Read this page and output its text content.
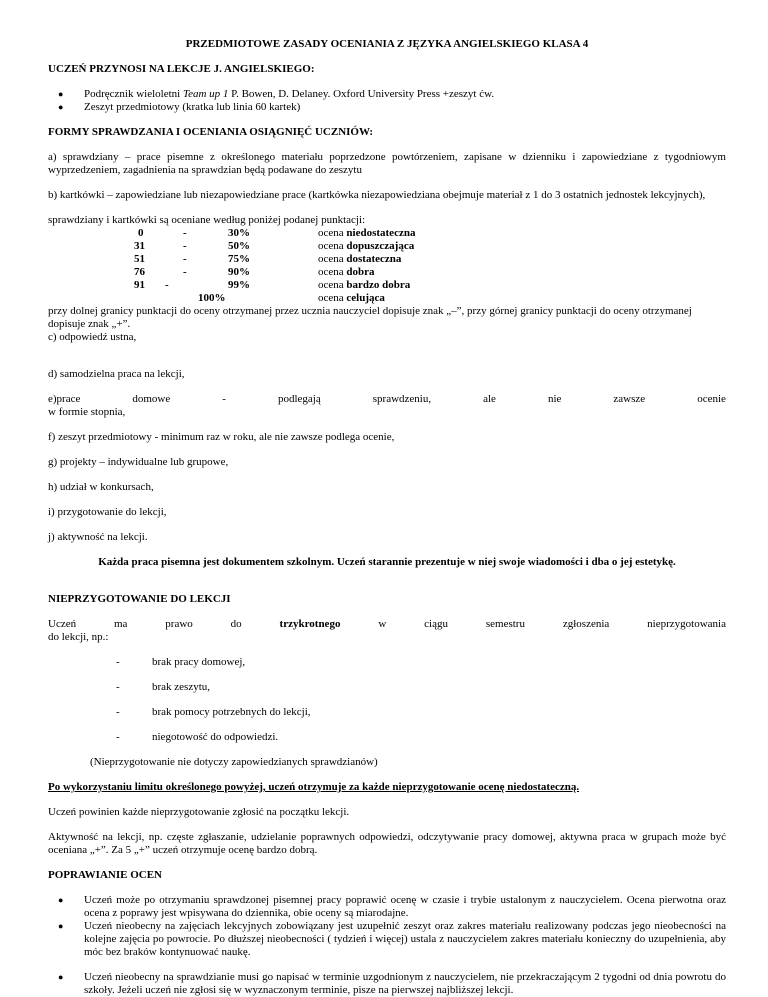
PRZEDMIOTOWE ZASADY OCENIANIA Z JĘZYKA ANGIELSKIEGO KLASA 4

UCZEŃ PRZYNOSI NA LEKCJE J. ANGIELSKIEGO:

● Podręcznik wieloletni Team up 1 P. Bowen, D. Delaney. Oxford University Press +zeszyt ćw.
● Zeszyt przedmiotowy (kratka lub linia 60 kartek)

FORMY SPRAWDZANIA I OCENIANIA OSIĄGNIĘĆ UCZNIÓW:

a) sprawdziany – prace pisemne z określonego materiału poprzedzone powtórzeniem, zapisane w dzienniku i zapowiedziane z tygodniowym wyprzedzeniem, zagadnienia na sprawdzian będą podawane do zeszytu

b) kartkówki – zapowiedziane lub niezapowiedziane prace (kartkówka niezapowiedziana obejmuje materiał z 1 do 3 ostatnich jednostek lekcyjnych),

sprawdziany i kartkówki są oceniane według poniżej podanej punktacji:

0	-	30%	ocena niedostateczna
31	-	50%	ocena dopuszczająca
51	-	75%	ocena dostateczna
76	-	90%	ocena dobra
91 -	99%	ocena bardzo dobra
100%	ocena celująca

przy dolnej granicy punktacji do oceny otrzymanej przez ucznia nauczyciel dopisuje znak „–”, przy górnej granicy punktacji do oceny otrzymanej dopisuje znak „+”.

c) odpowiedź ustna,

d) samodzielna praca na lekcji,

e)prace	domowe	-	podlegają	sprawdzeniu,	ale	nie	zawsze	ocenie

w formie stopnia,

f) zeszyt przedmiotowy - minimum raz w roku, ale nie zawsze podlega ocenie,

g) projekty – indywidualne lub grupowe,

h) udział w konkursach,

i) przygotowanie do lekcji,

j) aktywność na lekcji.

Każda praca pisemna jest dokumentem szkolnym. Uczeń starannie prezentuje w niej swoje wiadomości i dba o jej estetykę.

NIEPRZYGOTOWANIE DO LEKCJI

Uczeń	ma	prawo	do	trzykrotnego	w	ciągu	semestru	zgłoszenia	nieprzygotowania

do lekcji, np.:

-	brak pracy domowej,
-	brak zeszytu,
-	brak pomocy potrzebnych do lekcji,
-	niegotowość do odpowiedzi.

(Nieprzygotowanie nie dotyczy zapowiedzianych sprawdzianów)

Po wykorzystaniu limitu określonego powyżej, uczeń otrzymuje za każde nieprzygotowanie ocenę niedostateczną.

Uczeń powinien każde nieprzygotowanie zgłosić na początku lekcji.

Aktywność na lekcji, np. częste zgłaszanie, udzielanie poprawnych odpowiedzi, odczytywanie pracy domowej, aktywna praca w grupach może być oceniana „+”. Za 5 „+” uczeń otrzymuje ocenę bardzo dobrą.

POPRAWIANIE OCEN

● Uczeń może po otrzymaniu sprawdzonej pisemnej pracy poprawić ocenę w czasie i trybie ustalonym z nauczycielem. Ocena pierwotna oraz ocena z poprawy jest wpisywana do dziennika, obie oceny są miarodajne.
● Uczeń nieobecny na zajęciach lekcyjnych zobowiązany jest uzupełnić zeszyt oraz zakres materiału realizowany podczas jego nieobecności na kolejne zajęcia po powrocie. Po dłuższej nieobecności ( tydzień i więcej) ustala z nauczycielem zakres materiału konieczny do uzupełnienia, aby móc bez braków kontynuować naukę.
● Uczeń nieobecny na sprawdzianie musi go napisać w terminie uzgodnionym z nauczycielem, nie przekraczającym 2 tygodni od dnia powrotu do szkoły. Jeżeli uczeń nie zgłosi się w wyznaczonym terminie, pisze na pierwszej najbliższej lekcji.
